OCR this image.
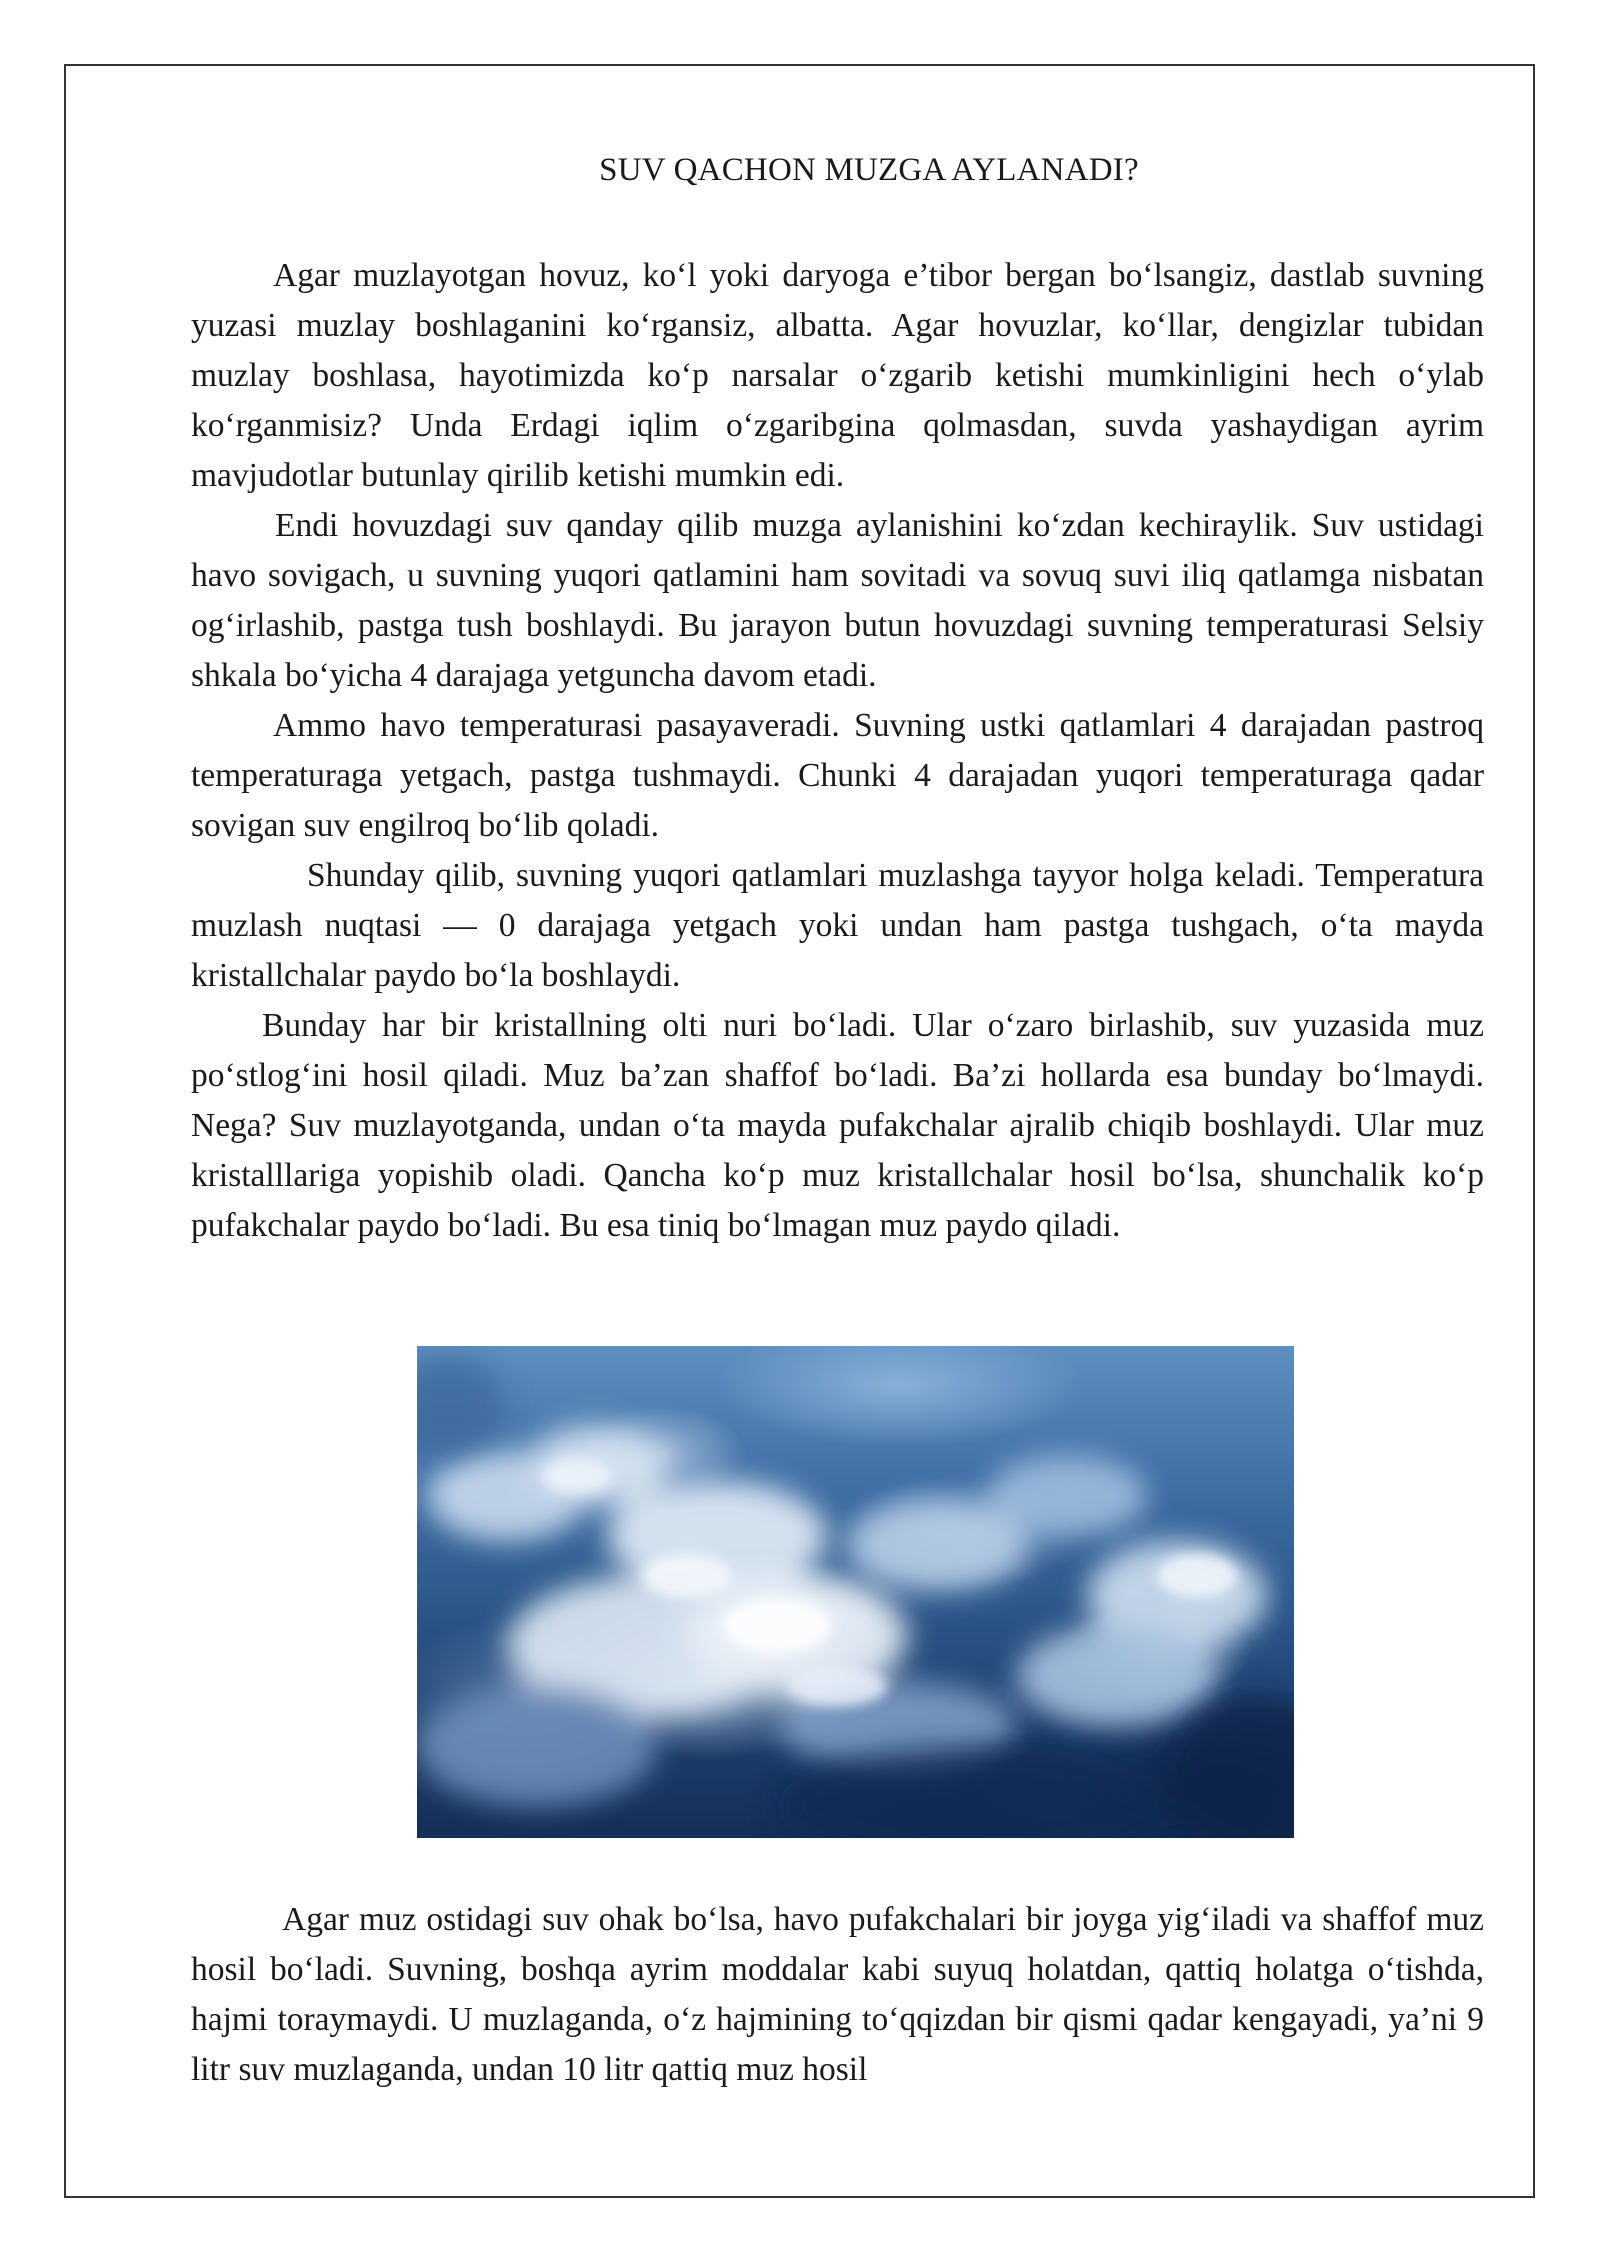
SUV QACHON MUZGA AYLANADI?

Agar muzlayotgan hovuz, ko‘l yoki daryoga e’tibor bergan bo‘lsangiz, dastlab suvning yuzasi muzlay boshlaganini ko‘rgansiz, albatta. Agar hovuzlar, ko‘llar, dengizlar tubidan muzlay boshlasa, hayotimizda ko‘p narsalar o‘zgarib ketishi mumkinligini hech o‘ylab ko‘rganmisiz? Unda Erdagi iqlim o‘zgaribgina qolmasdan, suvda yashaydigan ayrim mavjudotlar butunlay qirilib ketishi mumkin edi.

Endi hovuzdagi suv qanday qilib muzga aylanishini ko‘zdan kechiraylik. Suv ustidagi havo sovigach, u suvning yuqori qatlamini ham sovitadi va sovuq suvi iliq qatlamga nisbatan og‘irlashib, pastga tush boshlaydi. Bu jarayon butun hovuzdagi suvning temperaturasi Selsiy shkala bo‘yicha 4 darajaga yetguncha davom etadi.

Ammo havo temperaturasi pasayaveradi. Suvning ustki qatlamlari 4 darajadan pastroq temperaturaga yetgach, pastga tushmaydi. Chunki 4 darajadan yuqori temperaturaga qadar sovigan suv engilroq bo‘lib qoladi.

Shunday qilib, suvning yuqori qatlamlari muzlashga tayyor holga keladi. Temperatura muzlash nuqtasi — 0 darajaga yetgach yoki undan ham pastga tushgach, o‘ta mayda kristallchalar paydo bo‘la boshlaydi.

Bunday har bir kristallning olti nuri bo‘ladi. Ular o‘zaro birlashib, suv yuzasida muz po‘stlog‘ini hosil qiladi. Muz ba’zan shaffof bo‘ladi. Ba’zi hollarda esa bunday bo‘lmaydi. Nega? Suv muzlayotganda, undan o‘ta mayda pufakchalar ajralib chiqib boshlaydi. Ular muz kristalllariga yopishib oladi. Qancha ko‘p muz kristallchalar hosil bo‘lsa, shunchalik ko‘p pufakchalar paydo bo‘ladi. Bu esa tiniq bo‘lmagan muz paydo qiladi.

Agar muz ostidagi suv ohak bo‘lsa, havo pufakchalari bir joyga yig‘iladi va shaffof muz hosil bo‘ladi. Suvning, boshqa ayrim moddalar kabi suyuq holatdan, qattiq holatga o‘tishda, hajmi toraymaydi. U muzlaganda, o‘z hajmining to‘qqizdan bir qismi qadar kengayadi, ya’ni 9 litr suv muzlaganda, undan 10 litr qattiq muz hosil
